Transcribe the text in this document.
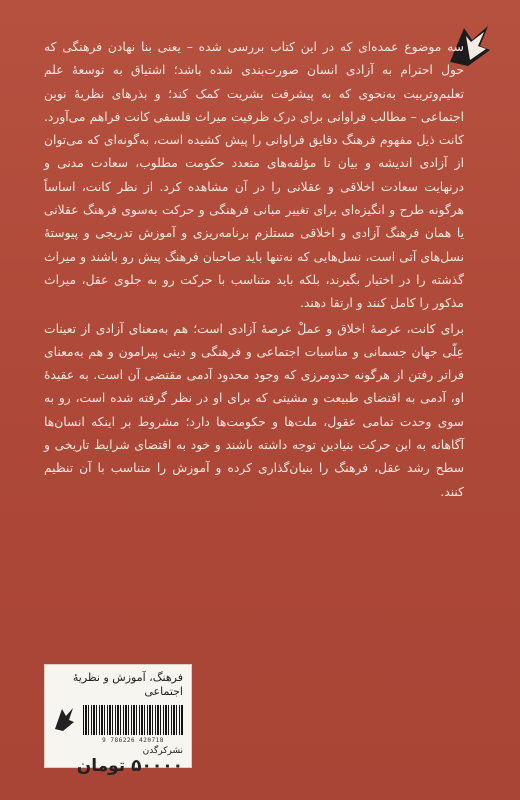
سه موضوع عمده‌ای که در این کتاب بررسی شده – یعنی بنا نهادن فرهنگی که حول احترام به آزادی انسان صورت‌بندی شده باشد؛ اشتیاق به توسعهٔ علم تعلیم‌وتربیت به‌نحوی که به پیشرفت بشریت کمک کند؛ و بذرهای نظریهٔ نوین اجتماعی – مطالب فراوانی برای درک ظرفیت میراث فلسفی کانت فراهم می‌آورد. کانت ذیل مفهوم فرهنگ دقایق فراوانی را پیش کشیده است، به‌گونه‌ای که می‌توان از آزادی اندیشه و بیان تا مؤلفه‌های متعدد حکومت مطلوب، سعادت مدنی و درنهایت سعادت اخلاقی و عقلانی را در آن مشاهده کرد. از نظر کانت، اساساً هرگونه طرح و انگیزه‌ای برای تغییر مبانی فرهنگی و حرکت به‌سوی فرهنگ عقلانی یا همان فرهنگ آزادی و اخلاقی مستلزم برنامه‌ریزی و آموزش تدریجی و پیوستهٔ نسل‌های آتی است، نسل‌هایی که نه‌تنها باید صاحبان فرهنگ پیش رو باشند و میراث گذشته را در اختیار بگیرند، بلکه باید متناسب با حرکت رو به جلوی عقل، میراث مذکور را کامل کنند و ارتقا دهند.

برای کانت، عرصهٔ اخلاق و عملْ عرصهٔ آزادی است؛ هم به‌معنای آزادی از تعینات عِلّی جهان جسمانی و مناسبات اجتماعی و فرهنگی و دینی پیرامون و هم به‌معنای فراتر رفتن از هرگونه حدومرزی که وجود محدود آدمی مقتضی آن است. به عقیدهٔ او، آدمی به اقتضای طبیعت و مشیتی که برای او در نظر گرفته شده است، رو به سوی وحدت تمامی عقول، ملت‌ها و حکومت‌ها دارد؛ مشروط بر اینکه انسان‌ها آگاهانه به این حرکت بنیادین توجه داشته باشند و خود به اقتضای شرایط تاریخی و سطح رشد عقل، فرهنگ را بنیان‌گذاری کرده و آموزش را متناسب با آن تنظیم کنند.

فرهنگ، آموزش و نظریهٔ اجتماعی
9 786226 420718
نشرکرگدن
۵۰۰۰۰ تومان
